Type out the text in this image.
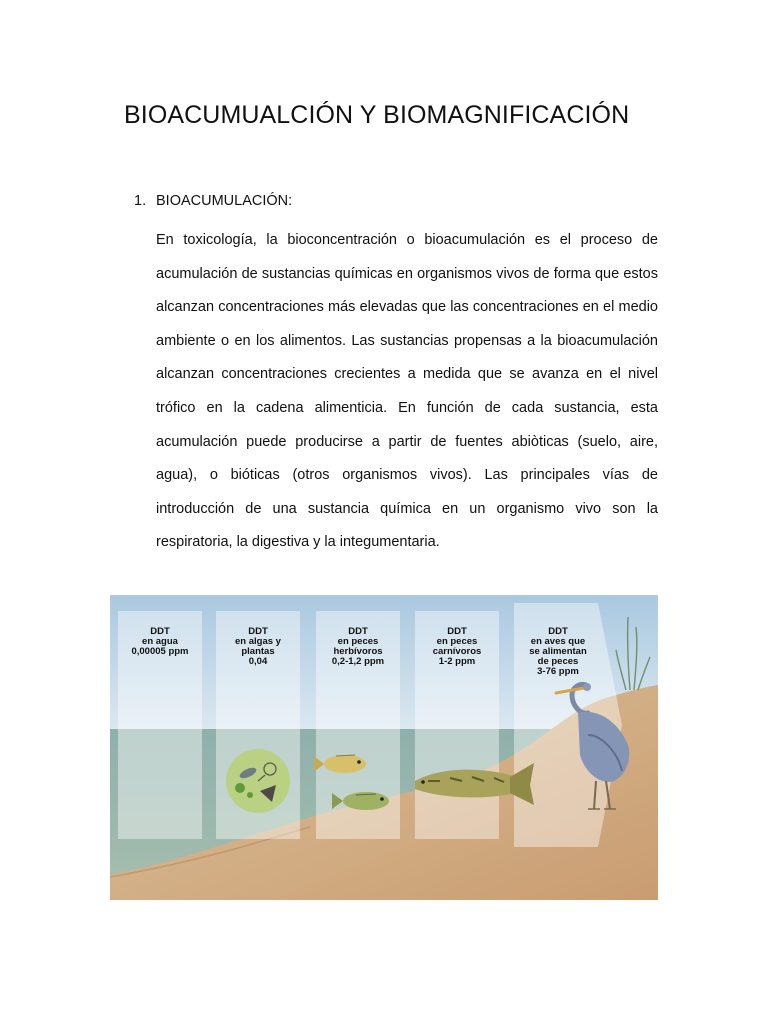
BIOACUMUALCIÓN Y BIOMAGNIFICACIÓN
1. BIOACUMULACIÓN:

En toxicología, la bioconcentración o bioacumulación es el proceso de acumulación de sustancias químicas en organismos vivos de forma que estos alcanzan concentraciones más elevadas que las concentraciones en el medio ambiente o en los alimentos. Las sustancias propensas a la bioacumulación alcanzan concentraciones crecientes a medida que se avanza en el nivel trófico en la cadena alimenticia. En función de cada sustancia, esta acumulación puede producirse a partir de fuentes abiòticas (suelo, aire, agua), o bióticas (otros organismos vivos). Las principales vías de introducción de una sustancia química en un organismo vivo son la respiratoria, la digestiva y la integumentaria.

DDT
en agua
0,00005 ppm
DDT
en algas y
plantas
0,04
DDT
en peces
herbívoros
0,2-1,2 ppm
DDT
en peces
carnívoros
1-2 ppm
DDT
en aves que
se alimentan
de peces
3-76 ppm
